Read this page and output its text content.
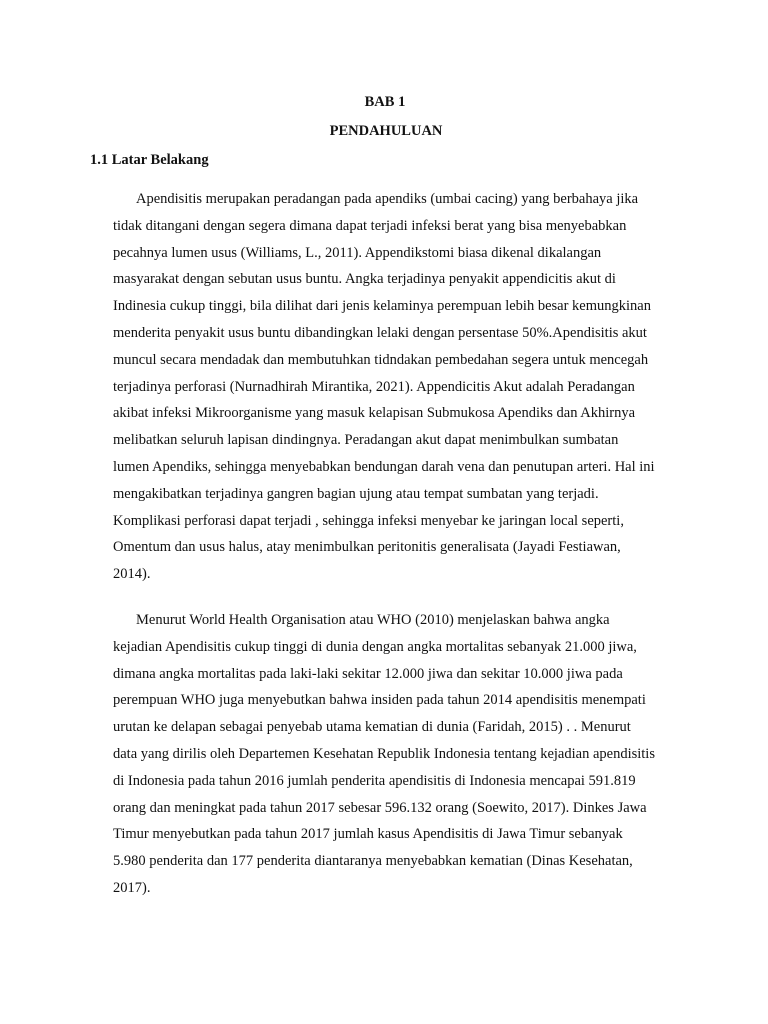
BAB 1
PENDAHULUAN
1.1 Latar Belakang

Apendisitis merupakan peradangan pada apendiks (umbai cacing) yang berbahaya jika
tidak ditangani dengan segera dimana dapat terjadi infeksi berat yang bisa menyebabkan
pecahnya lumen usus (Williams, L., 2011). Appendikstomi biasa dikenal dikalangan
masyarakat dengan sebutan usus buntu. Angka terjadinya penyakit appendicitis akut di
Indinesia cukup tinggi, bila dilihat dari jenis kelaminya perempuan lebih besar kemungkinan
menderita penyakit usus buntu dibandingkan lelaki dengan persentase 50%.Apendisitis akut
muncul secara mendadak dan membutuhkan tidndakan pembedahan segera untuk mencegah
terjadinya perforasi (Nurnadhirah Mirantika, 2021). Appendicitis Akut adalah Peradangan
akibat infeksi Mikroorganisme yang masuk kelapisan Submukosa Apendiks dan Akhirnya
melibatkan seluruh lapisan dindingnya. Peradangan akut dapat menimbulkan sumbatan
lumen Apendiks, sehingga menyebabkan bendungan darah vena dan penutupan arteri. Hal ini
mengakibatkan terjadinya gangren bagian ujung atau tempat sumbatan yang terjadi.
Komplikasi perforasi dapat terjadi , sehingga infeksi menyebar ke jaringan local seperti,
Omentum dan usus halus, atay menimbulkan peritonitis generalisata (Jayadi Festiawan,
2014).

Menurut World Health Organisation atau WHO (2010) menjelaskan bahwa angka
kejadian Apendisitis cukup tinggi di dunia dengan angka mortalitas sebanyak 21.000 jiwa,
dimana angka mortalitas pada laki-laki sekitar 12.000 jiwa dan sekitar 10.000 jiwa pada
perempuan WHO juga menyebutkan bahwa insiden pada tahun 2014 apendisitis menempati
urutan ke delapan sebagai penyebab utama kematian di dunia (Faridah, 2015) . . Menurut
data yang dirilis oleh Departemen Kesehatan Republik Indonesia tentang kejadian apendisitis
di Indonesia pada tahun 2016 jumlah penderita apendisitis di Indonesia mencapai 591.819
orang dan meningkat pada tahun 2017 sebesar 596.132 orang (Soewito, 2017). Dinkes Jawa
Timur menyebutkan pada tahun 2017 jumlah kasus Apendisitis di Jawa Timur sebanyak
5.980 penderita dan 177 penderita diantaranya menyebabkan kematian (Dinas Kesehatan,
2017).
